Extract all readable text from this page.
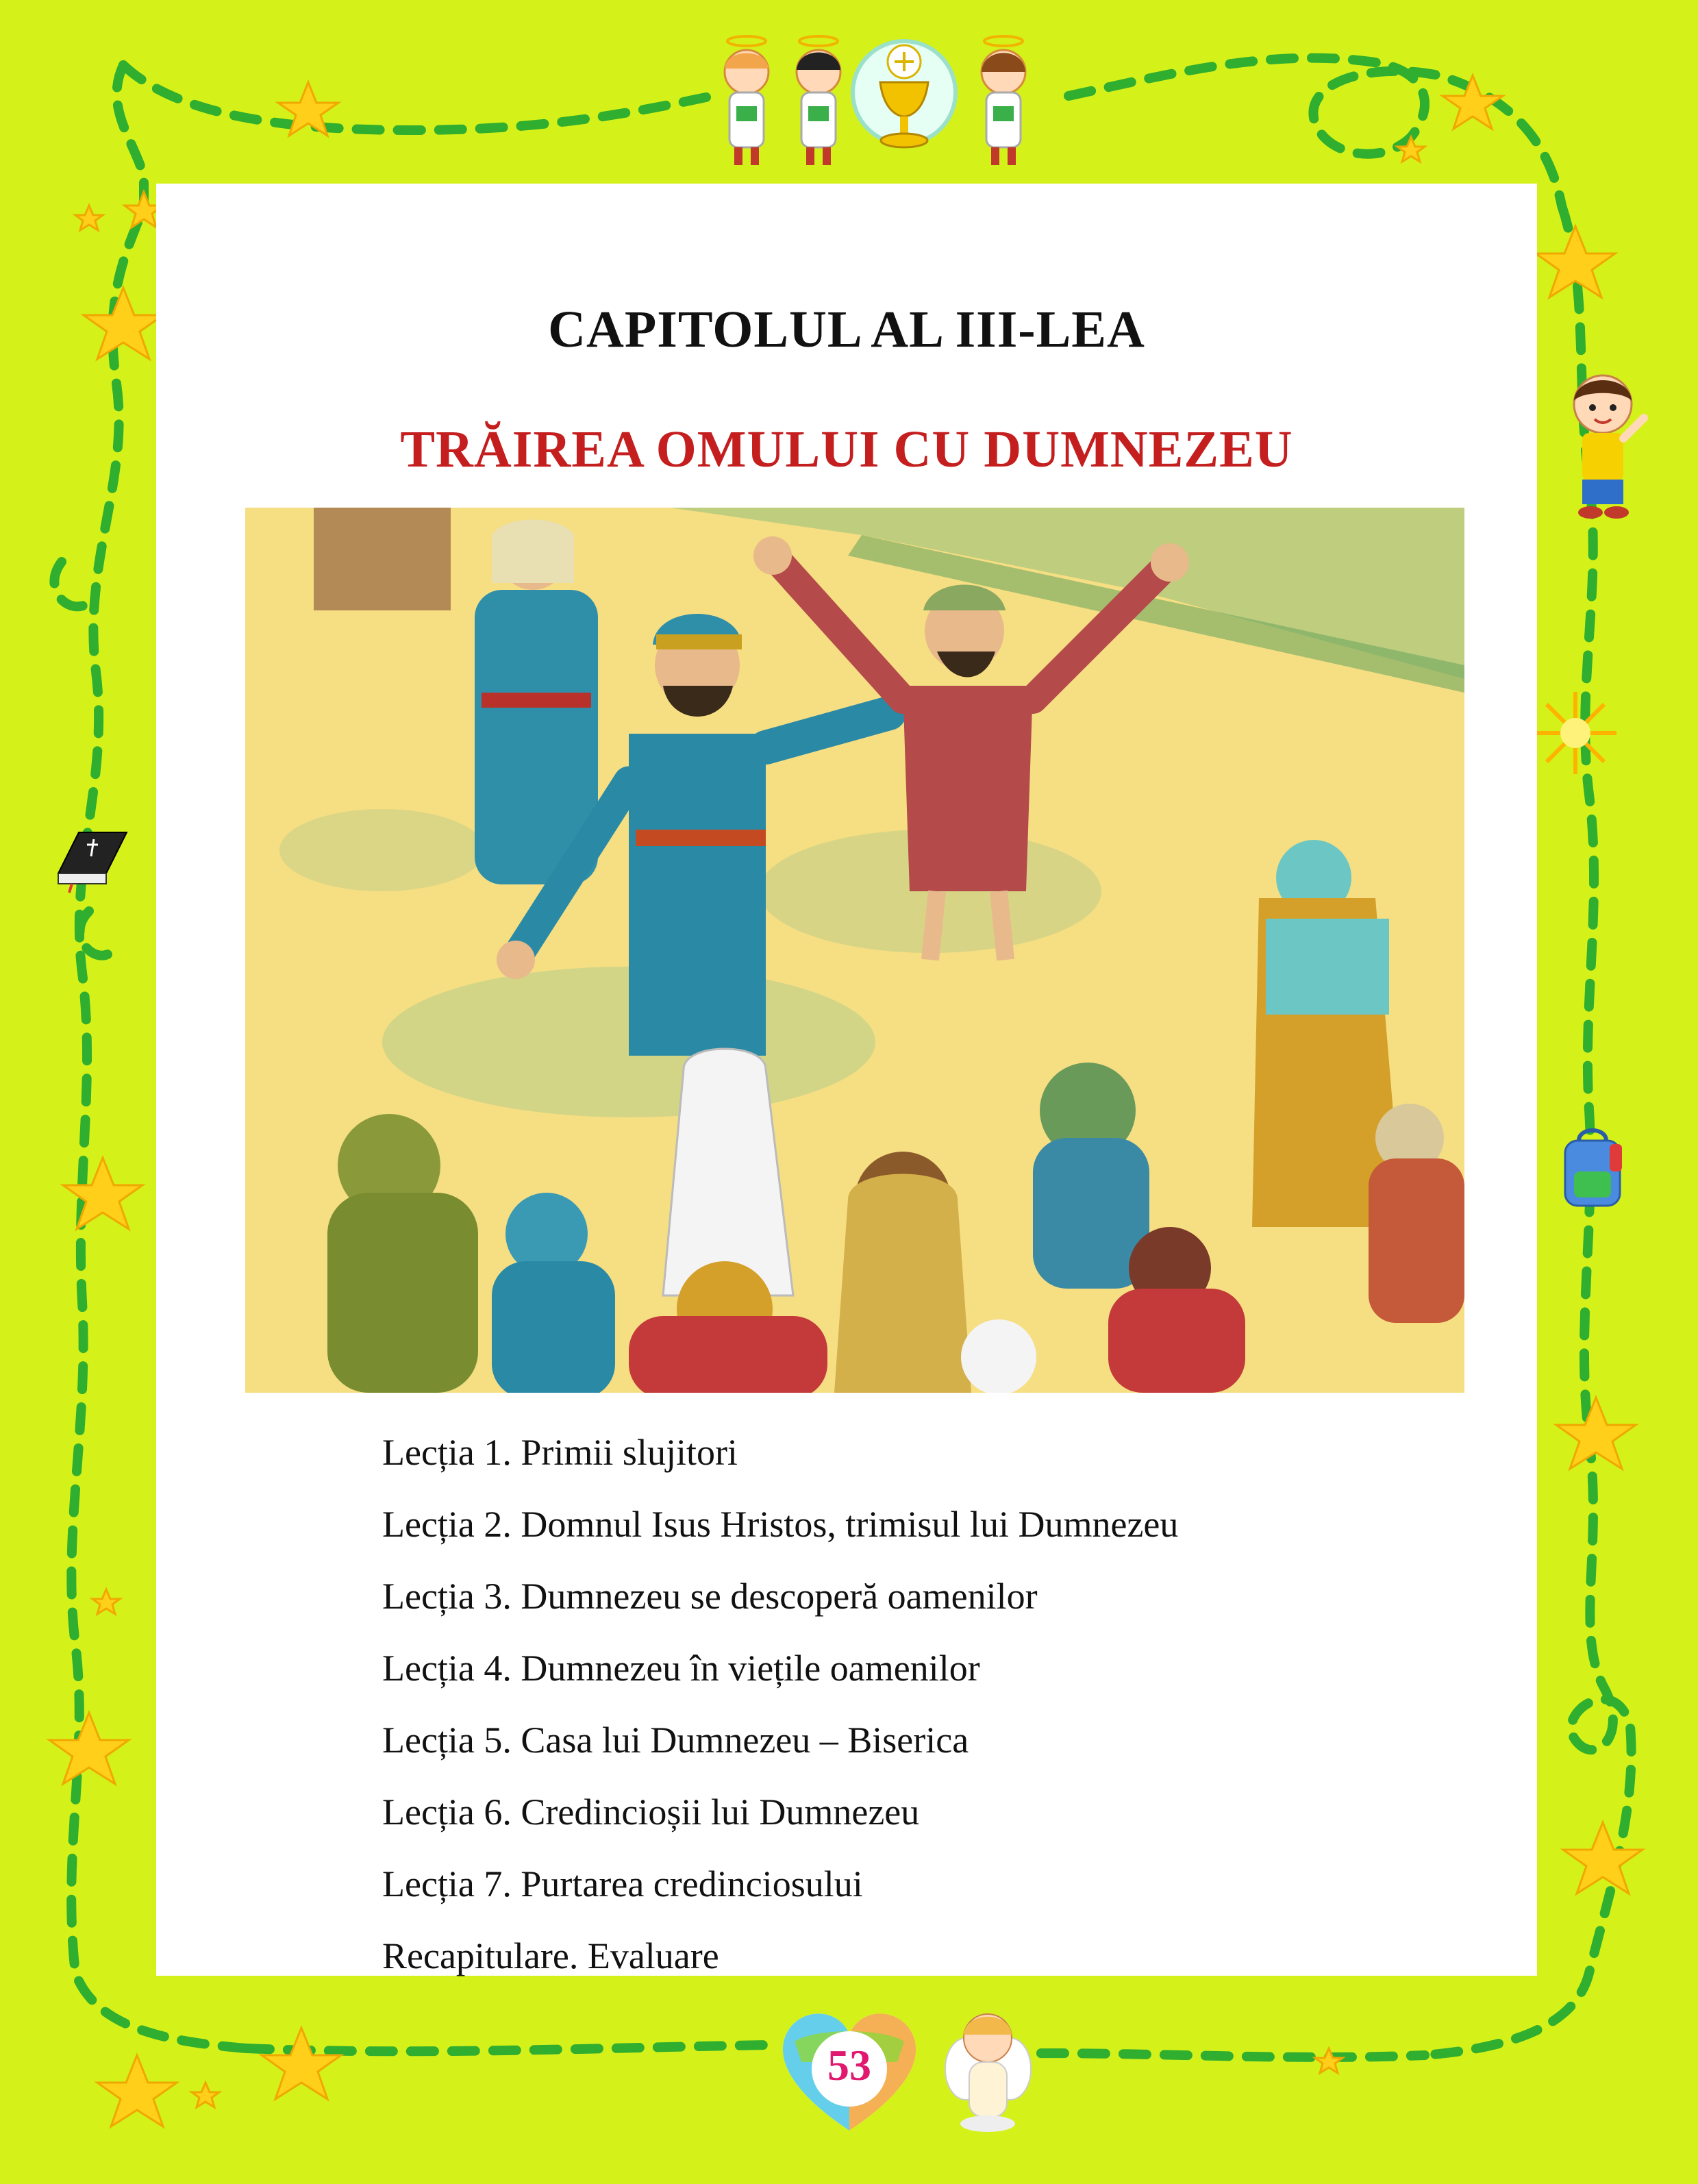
CAPITOLUL AL III-LEA
TRĂIREA OMULUI CU DUMNEZEU
Lecția 1. Primii slujitori
Lecția 2. Domnul Isus Hristos, trimisul lui Dumnezeu
Lecția 3. Dumnezeu se descoperă oamenilor
Lecția 4. Dumnezeu în viețile oamenilor
Lecția 5. Casa lui Dumnezeu – Biserica
Lecția 6. Credincioșii lui Dumnezeu
Lecția 7. Purtarea credinciosului
Recapitulare. Evaluare
53
